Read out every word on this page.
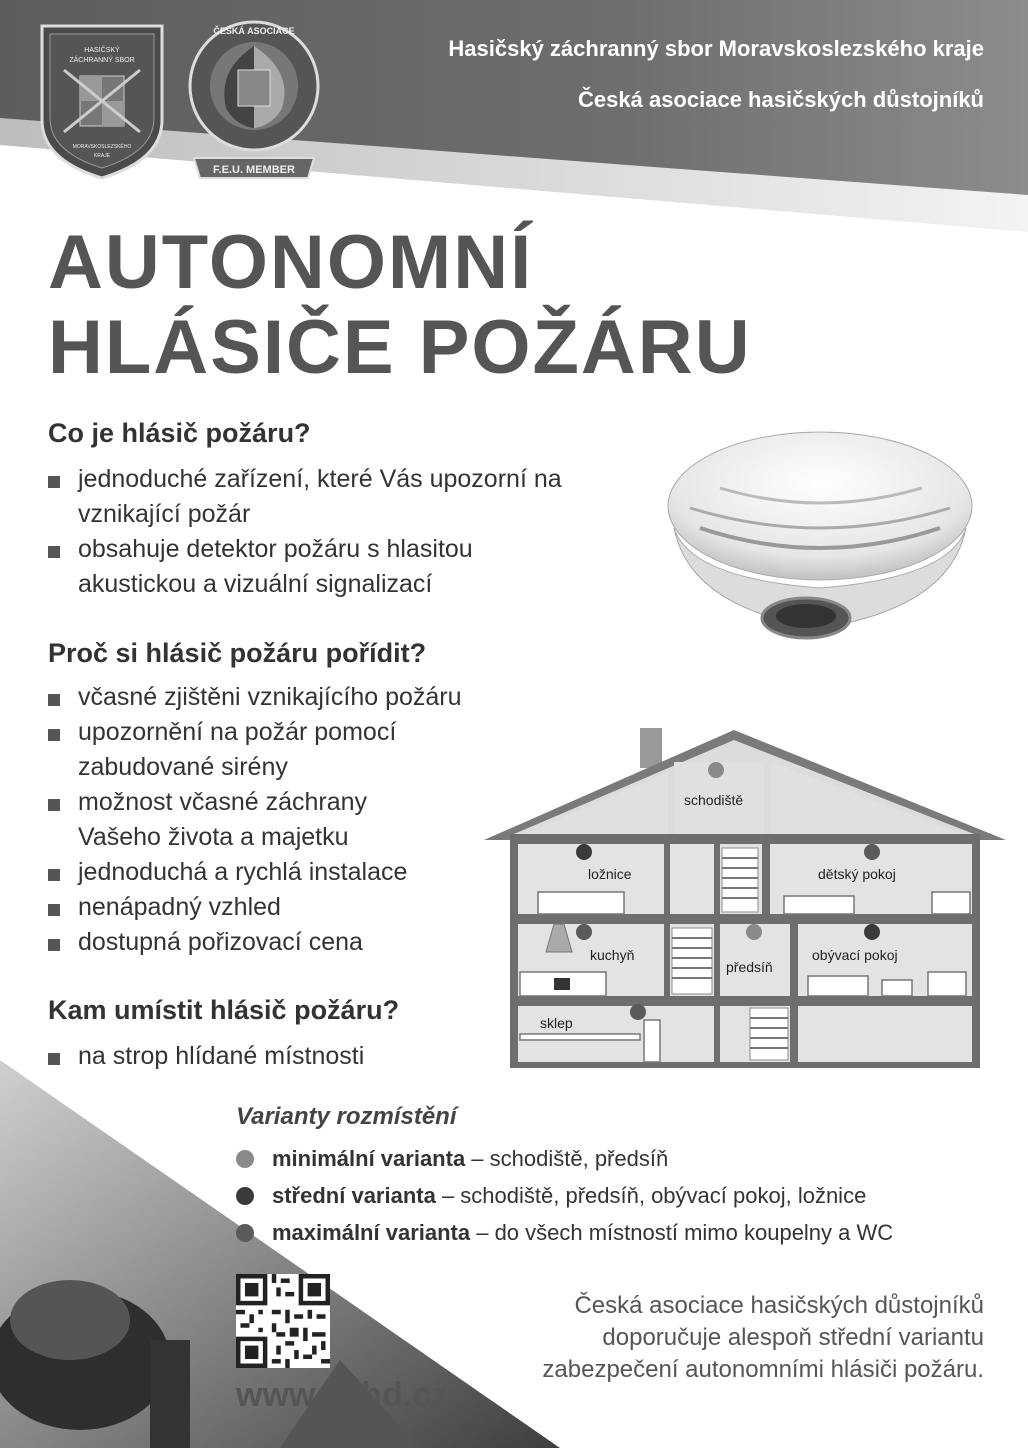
Hasičský záchranný sbor Moravskoslezského kraje
Česká asociace hasičských důstojníků
HASIČSKÝ
ZÁCHRANNÝ SBOR
MORAVSKOSLEZSKÉHO
KRAJE
ČESKÁ ASOCIACE
F.E.U. MEMBER
AUTONOMNÍ
HLÁSIČE POŽÁRU
Co je hlásič požáru?
jednoduché zařízení, které Vás upozorní na vznikající požár
obsahuje detektor požáru s hlasitou akustickou a vizuální signalizací
Proč si hlásič požáru pořídit?
včasné zjištěni vznikajícího požáru
upozornění na požár pomocí zabudované sirény
možnost včasné záchrany Vašeho života a majetku
jednoduchá a rychlá instalace
nenápadný vzhled
dostupná pořizovací cena
Kam umístit hlásič požáru?
na strop hlídané místnosti
schodiště
ložnice	dětský pokoj
kuchyň
předsíň
obývací pokoj
sklep
Varianty rozmístění
minimální varianta – schodiště, předsíň
střední varianta – schodiště, předsíň, obývací pokoj, ložnice
maximální varianta – do všech místností mimo koupelny a WC
www.cahd.cz
Česká asociace hasičských důstojníků doporučuje alespoň střední variantu zabezpečení autonomními hlásiči požáru.
